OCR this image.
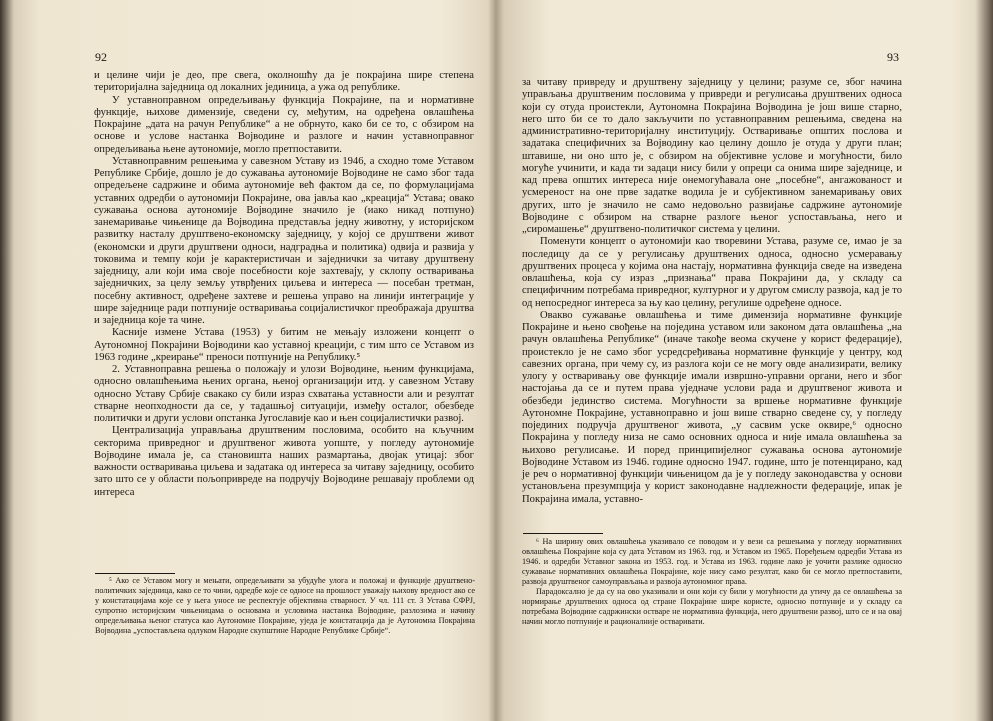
92

и целине чији је део, пре свега, околношћу да је покрајина шире степена територијална заједница од локалних јединица, а ужа од републике.

У уставноправном опредељивању функција Покрајине, па и нормативне функције, њихове димензије, сведени су, међутим, на одређена овлашћења Покрајине „дата на рачун Републике“ а не обрнуто, како би се то, с обзиром на основе и услове настанка Војводине и разлоге и начин уставноправног опредељивања њене аутономије, могло претпоставити.

Уставноправним решењима у савезном Уставу из 1946, а сходно томе Уставом Републике Србије, дошло је до сужавања аутономије Војводине не само због тада опредељене садржине и обима аутономије већ фактом да се, по формулацијама уставних одредби о аутономији Покрајине, ова јавља као „креација“ Устава; овако сужавања основа аутономије Војводине значило је (иако никад потпуно) занемаривање чињенице да Војводина представља једну животну, у историјском развитку насталу друштвено-економску заједницу, у којој се друштвени живот (економски и други друштвени односи, надградња и политика) одвија и развија у токовима и темпу који је карактеристичан и заједнички за читаву друштвену заједницу, али који има своје посебности које захтевају, у склопу остваривања заједничких, за целу земљу утврђених циљева и интереса — посебан третман, посебну активност, одређене захтеве и решења управо на линији интеграције у шире заједнице ради потпуније остваривања социјалистичког преображаја друштва и заједница које та чине.

Касније измене Устава (1953) у битим не мењају изложени концепт о Аутономној Покрајини Војводини као уставној креацији, с тим што се Уставом из 1963 године „креирање“ преноси потпуније на Републику.⁵

2. Уставноправна решења о положају и улози Војводине, њеним функцијама, односно овлашћењима њених органа, њеној организацији итд. у савезном Уставу односно Уставу Србије свакако су били израз схватања уставности али и резултат стварне неопходности да се, у тадашњој ситуацији, између осталог, обезбеде политички и други услови опстанка Југославије као и њен социјалистички развој.

Централизација управљања друштвеним пословима, особито на кључним секторима привредног и друштвеног живота уопште, у погледу аутономије Војводине имала је, са становишта наших размартања, двојак утицај: због важности остваривања циљева и задатака од интереса за читаву заједницу, особито зато што се у области пољопривреде на подручју Војводине решавају проблеми од интереса

⁵ Ако се Уставом могу и мењати, опредељивати за убудуће улога и положај и функције друштвено-политичких заједница, како се то чини, одредбе које се односе на прошлост уважају њихову вредност ако се у констатацијама које се у њега уносе не респектује објективна стварност. У чл. 111 ст. 3 Устава СФРЈ, супротно историјским чињеницама о основама и условима настанка Војводине, разлозима и начину опредељивања њеног статуса као Аутономне Покрајине, уједа је констатација да је Аутономна Покрајина Војводина „успостављена одлуком Народне скупштине Народне Републике Србије“.

93

за читаву привреду и друштвену заједницу у целини; разуме се, због начина управљања друштвеним пословима у привреди и регулисања друштвених односа који су отуда проистекли, Аутономна Покрајина Војводина је још више старно, него што би се то дало закључити по уставноправним решењима, сведена на административно-територијалну институцију. Остваривање општих послова и задатака специфичних за Војводину као целину дошло је отуда у други план; штавише, ни оно што је, с обзиром на објективне услове и могућности, било могуће учинити, и када ти задаци нису били у опреци са онима шире заједнице, и кад прева општих интереса није онемогућавала оне „посебне“, ангажованост и усмереност на оне прве задатке водила је и субјективном занемаривању ових других, што је значило не само недовољно развијање садржине аутономије Војводине с обзиром на стварне разлоге њеног успостављања, него и „сиромашење“ друштвено-политичког система у целини.

Поменути концепт о аутономији као творевини Устава, разуме се, имао је за последицу да се у регулисању друштвених односа, односно усмеравању друштвених процеса у којима она настају, нормативна функција сведе на изведена овлашћења, која су израз „признања“ права Покрајини да, у складу са специфичним потребама привредног, културног и у другом смислу развоја, кад је то од непосредног интереса за њу као целину, регулише одређене односе.

Овакво сужавање овлашћења и тиме димензија нормативне функције Покрајине и њено свођење на поједина уставом или законом дата овлашћења „на рачун овлашћења Републике“ (иначе такође веома скучене у корист федерације), проистекло је не само због усредсређивања нормативне функције у центру, код савезних органа, при чему су, из разлога који се не могу овде анализирати, велику улогу у остваривању ове функције имали извршно-управни органи, него и због настојања да се и путем права уједначе услови рада и друштвеног живота и обезбеди јединство система. Могућности за вршење нормативне функције Аутономне Покрајине, уставноправно и још више стварно сведене су, у погледу појединих подручја друштвеног живота, „у сасвим уске оквире,⁶ односно Покрајина у погледу низа не само основних односа и није имала овлашћења за њихово регулисање. И поред принципијелног сужавања основа аутономије Војводине Уставом из 1946. године односно 1947. године, што је потенцирано, кад је реч о нормативној функцији чињеницом да је у погледу законодавства у основи установљена презумпција у корист законодавне надлежности федерације, ипак је Покрајина имала, уставно-

⁶ На ширину ових овлашћења указивало се поводом и у вези са решењима у погледу нормативних овлашћења Покрајине која су дата Уставом из 1963. год. и Уставом из 1965. Поређењем одредби Устава из 1946. и одредби Уставног закона из 1953. год. и Устава из 1963. године лако је уочити разлике односно сужавање нормативних овлашћења Покрајине, које нису само резултат, како би се могло претпоставити, развоја друштвеног самоуправљања и развоја аутономног права.

Парадоксално је да су на ово указивали и они који су били у могућности да утичу да се овлашћења за нормирање друштвених односа од стране Покрајине шире користе, односно потпуније и у складу са потребама Војводине садржински остваре не нормативна функција, него друштвени развој, што се и на овај начин могло потпуније и рационалније остваривати.
